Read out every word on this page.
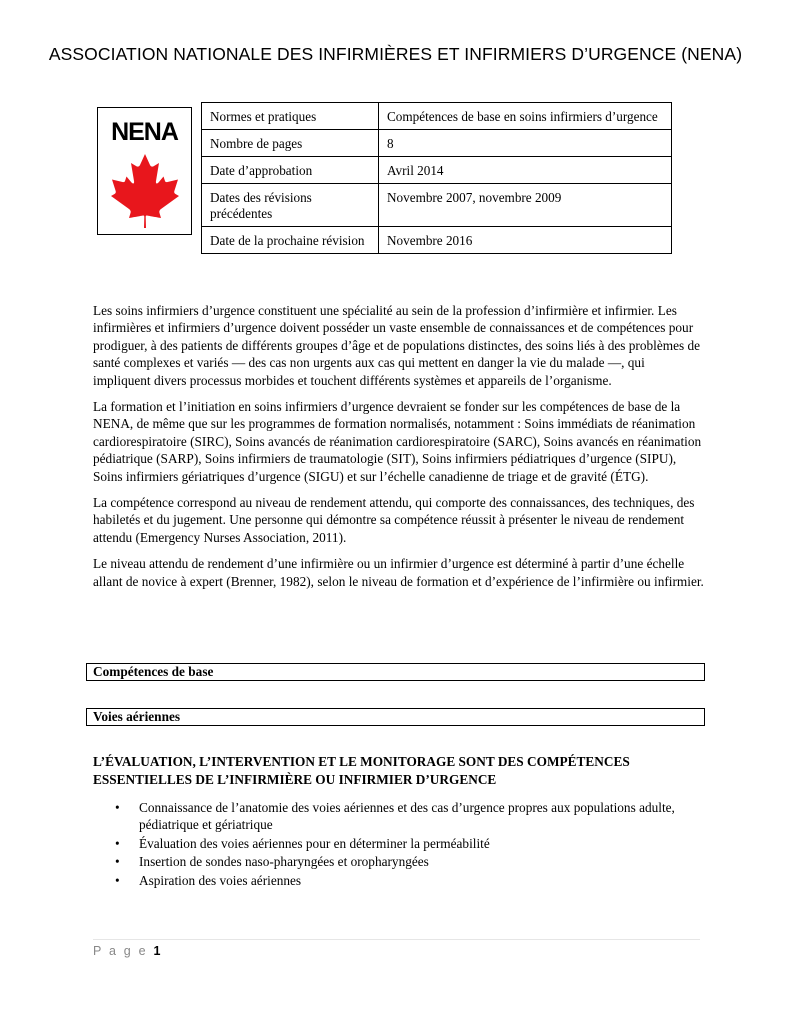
ASSOCIATION NATIONALE DES INFIRMIÈRES ET INFIRMIERS D’URGENCE (NENA)
NENA
Normes et pratiques	Compétences de base en soins infirmiers d’urgence
Nombre de pages	8
Date d’approbation	Avril 2014
Dates des révisions précédentes	Novembre 2007, novembre 2009
Date de la prochaine révision	Novembre 2016

Les soins infirmiers d’urgence constituent une spécialité au sein de la profession d’infirmière et infirmier. Les infirmières et infirmiers d’urgence doivent posséder un vaste ensemble de connaissances et de compétences pour prodiguer, à des patients de différents groupes d’âge et de populations distinctes, des soins liés à des problèmes de santé complexes et variés — des cas non urgents aux cas qui mettent en danger la vie du malade —, qui impliquent divers processus morbides et touchent différents systèmes et appareils de l’organisme.

La formation et l’initiation en soins infirmiers d’urgence devraient se fonder sur les compétences de base de la NENA, de même que sur les programmes de formation normalisés, notamment : Soins immédiats de réanimation cardiorespiratoire (SIRC), Soins avancés de réanimation cardiorespiratoire (SARC), Soins avancés en réanimation pédiatrique (SARP), Soins infirmiers de traumatologie (SIT), Soins infirmiers pédiatriques d’urgence (SIPU), Soins infirmiers gériatriques d’urgence (SIGU) et sur l’échelle canadienne de triage et de gravité (ÉTG).

La compétence correspond au niveau de rendement attendu, qui comporte des connaissances, des techniques, des habiletés et du jugement. Une personne qui démontre sa compétence réussit à présenter le niveau de rendement attendu (Emergency Nurses Association, 2011).

Le niveau attendu de rendement d’une infirmière ou un infirmier d’urgence est déterminé à partir d’une échelle allant de novice à expert (Brenner, 1982), selon le niveau de formation et d’expérience de l’infirmière ou infirmier.

Compétences de base
Voies aériennes
L’ÉVALUATION, L’INTERVENTION ET LE MONITORAGE SONT DES COMPÉTENCES ESSENTIELLES DE L’INFIRMIÈRE OU INFIRMIER D’URGENCE
• Connaissance de l’anatomie des voies aériennes et des cas d’urgence propres aux populations adulte, pédiatrique et gériatrique
• Évaluation des voies aériennes pour en déterminer la perméabilité
• Insertion de sondes naso-pharyngées et oropharyngées
• Aspiration des voies aériennes
P a g e 1
